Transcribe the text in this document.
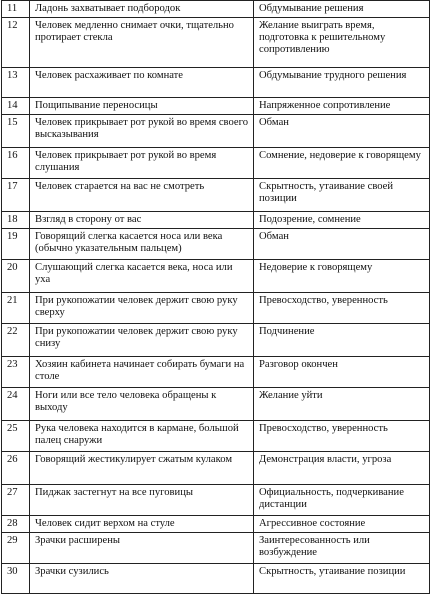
11	Ладонь захватывает подбородок	Обдумывание решения
12	Человек медленно снимает очки, тщательно протирает стекла	Желание выиграть время, подготовка к решительному сопротивлению
13	Человек расхаживает по комнате	Обдумывание трудного решения
14	Пощипывание переносицы	Напряженное сопротивление
15	Человек прикрывает рот рукой во время своего высказывания	Обман
16	Человек прикрывает рот рукой во время слушания	Сомнение, недоверие к говорящему
17	Человек старается на вас не смотреть	Скрытность, утаивание своей позиции
18	Взгляд в сторону от вас	Подозрение, сомнение
19	Говорящий слегка касается носа или века (обычно указательным пальцем)	Обман
20	Слушающий слегка касается века, носа или уха	Недоверие к говорящему
21	При рукопожатии человек держит свою руку сверху	Превосходство, уверенность
22	При рукопожатии человек держит свою руку снизу	Подчинение
23	Хозяин кабинета начинает собирать бумаги на столе	Разговор окончен
24	Ноги или все тело человека обращены к выходу	Желание уйти
25	Рука человека находится в кармане, большой палец снаружи	Превосходство, уверенность
26	Говорящий жестикулирует сжатым кулаком	Демонстрация власти, угроза
27	Пиджак застегнут на все пуговицы	Официальность, подчеркивание дистанции
28	Человек сидит верхом на стуле	Агрессивное состояние
29	Зрачки расширены	Заинтересованность или возбуждение
30	Зрачки сузились	Скрытность, утаивание позиции
